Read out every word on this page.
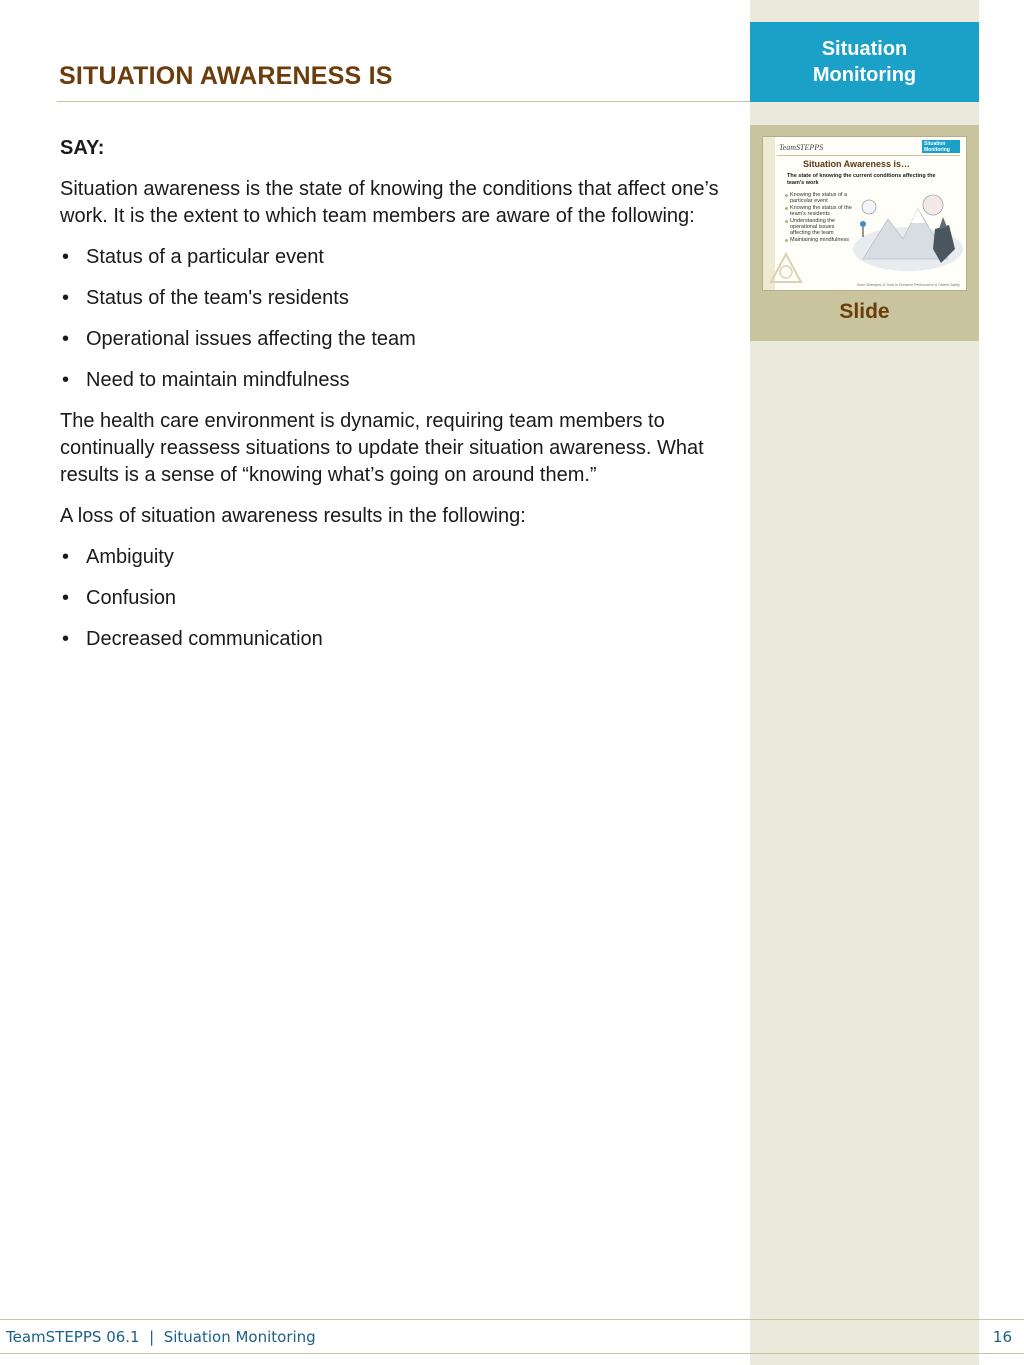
Situation Monitoring
TeamSTEPPS	Situation Monitoring
Situation Awareness is…
The state of knowing the current conditions affecting the team's work
Knowing the status of a particular event
Knowing the status of the team's residents
Understanding the operational issues affecting the team
Maintaining mindfulness
Team Strategies & Tools to Enhance Performance & Patient Safety
Slide
SITUATION AWARENESS IS

SAY:

Situation awareness is the state of knowing the conditions that affect one’s work. It is the extent to which team members are aware of the following:

• Status of a particular event

• Status of the team's residents

• Operational issues affecting the team

• Need to maintain mindfulness

The health care environment is dynamic, requiring team members to continually reassess situations to update their situation awareness. What results is a sense of “knowing what’s going on around them.”

A loss of situation awareness results in the following:

• Ambiguity

• Confusion

• Decreased communication

TeamSTEPPS 06.1  |  Situation Monitoring	16
